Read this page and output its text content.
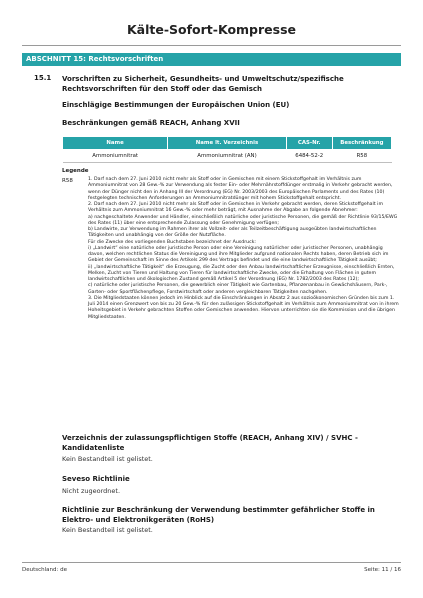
Kälte-Sofort-Kompresse
ABSCHNITT 15: Rechtsvorschriften
15.1 Vorschriften zu Sicherheit, Gesundheits- und Umweltschutz/spezifische Rechtsvorschriften für den Stoff oder das Gemisch
Einschlägige Bestimmungen der Europäischen Union (EU)
Beschränkungen gemäß REACH, Anhang XVII
Name	Name lt. Verzeichnis	CAS-Nr.	Beschränkung
Ammoniumnitrat	Ammoniumnitrat (AN)	6484-52-2	R58
Legende
R58	1. Darf nach dem 27. Juni 2010 nicht mehr als Stoff oder in Gemischen mit einem Stickstoffgehalt im Verhältnis zum Ammoniumnitrat von 28 Gew.-% zur Verwendung als fester Ein- oder Mehrnährstoffdünger erstmalig in Verkehr gebracht werden, wenn der Dünger nicht den in Anhang III der Verordnung (EG) Nr. 2003/2003 des Europäischen Parlaments und des Rates (10) festgelegten technischen Anforderungen an Ammoniumnitratdünger mit hohem Stickstoffgehalt entspricht.

2. Darf nach dem 27. Juni 2010 nicht mehr als Stoff oder in Gemischen in Verkehr gebracht werden, deren Stickstoffgehalt im Verhältnis zum Ammoniumnitrat 16 Gew.-% oder mehr beträgt, mit Ausnahme der Abgabe an folgende Abnehmer:

a) nachgeschaltete Anwender und Händler, einschließlich natürliche oder juristische Personen, die gemäß der Richtlinie 93/15/EWG des Rates (11) über eine entsprechende Zulassung oder Genehmigung verfügen;

b) Landwirte, zur Verwendung im Rahmen ihrer als Vollzeit- oder als Teilzeitbeschäftigung ausgeübten landwirtschaftlichen Tätigkeiten und unabhängig von der Größe der Nutzfläche.

Für die Zwecke des vorliegenden Buchstaben bezeichnet der Ausdruck:

i) „Landwirt“ eine natürliche oder juristische Person oder eine Vereinigung natürlicher oder juristischer Personen, unabhängig davon, welchen rechtlichen Status die Vereinigung und ihre Mitglieder aufgrund nationalen Rechts haben, deren Betrieb sich im Gebiet der Gemeinschaft im Sinne des Artikels 299 des Vertrags befindet und die eine landwirtschaftliche Tätigkeit ausübt;

ii) „landwirtschaftliche Tätigkeit“ die Erzeugung, die Zucht oder den Anbau landwirtschaftlicher Erzeugnisse, einschließlich Ernten, Melken, Zucht von Tieren und Haltung von Tieren für landwirtschaftliche Zwecke, oder die Erhaltung von Flächen in gutem landwirtschaftlichen und ökologischen Zustand gemäß Artikel 5 der Verordnung (EG) Nr. 1782/2003 des Rates (12);

c) natürliche oder juristische Personen, die gewerblich einer Tätigkeit wie Gartenbau, Pflanzenanbau in Gewächshäusern, Park-, Garten- oder Sportflächenpflege, Forstwirtschaft oder anderen vergleichbaren Tätigkeiten nachgehen.

3. Die Mitgliedstaaten können jedoch im Hinblick auf die Einschränkungen in Absatz 2 aus sozioökonomischen Gründen bis zum 1. Juli 2014 einen Grenzwert von bis zu 20 Gew.-% für den zulässigen Stickstoffgehalt im Verhältnis zum Ammoniumnitrat von in ihrem Hoheitsgebiet in Verkehr gebrachten Stoffen oder Gemischen anwenden. Hiervon unterrichten sie die Kommission und die übrigen Mitgliedstaaten.

Verzeichnis der zulassungspflichtigen Stoffe (REACH, Anhang XIV) / SVHC - Kandidatenliste
Kein Bestandteil ist gelistet.
Seveso Richtlinie
Nicht zugeordnet.
Richtlinie zur Beschränkung der Verwendung bestimmter gefährlicher Stoffe in Elektro- und Elektronikgeräten (RoHS)
Kein Bestandteil ist gelistet.
Deutschland: de	Seite: 11 / 16
